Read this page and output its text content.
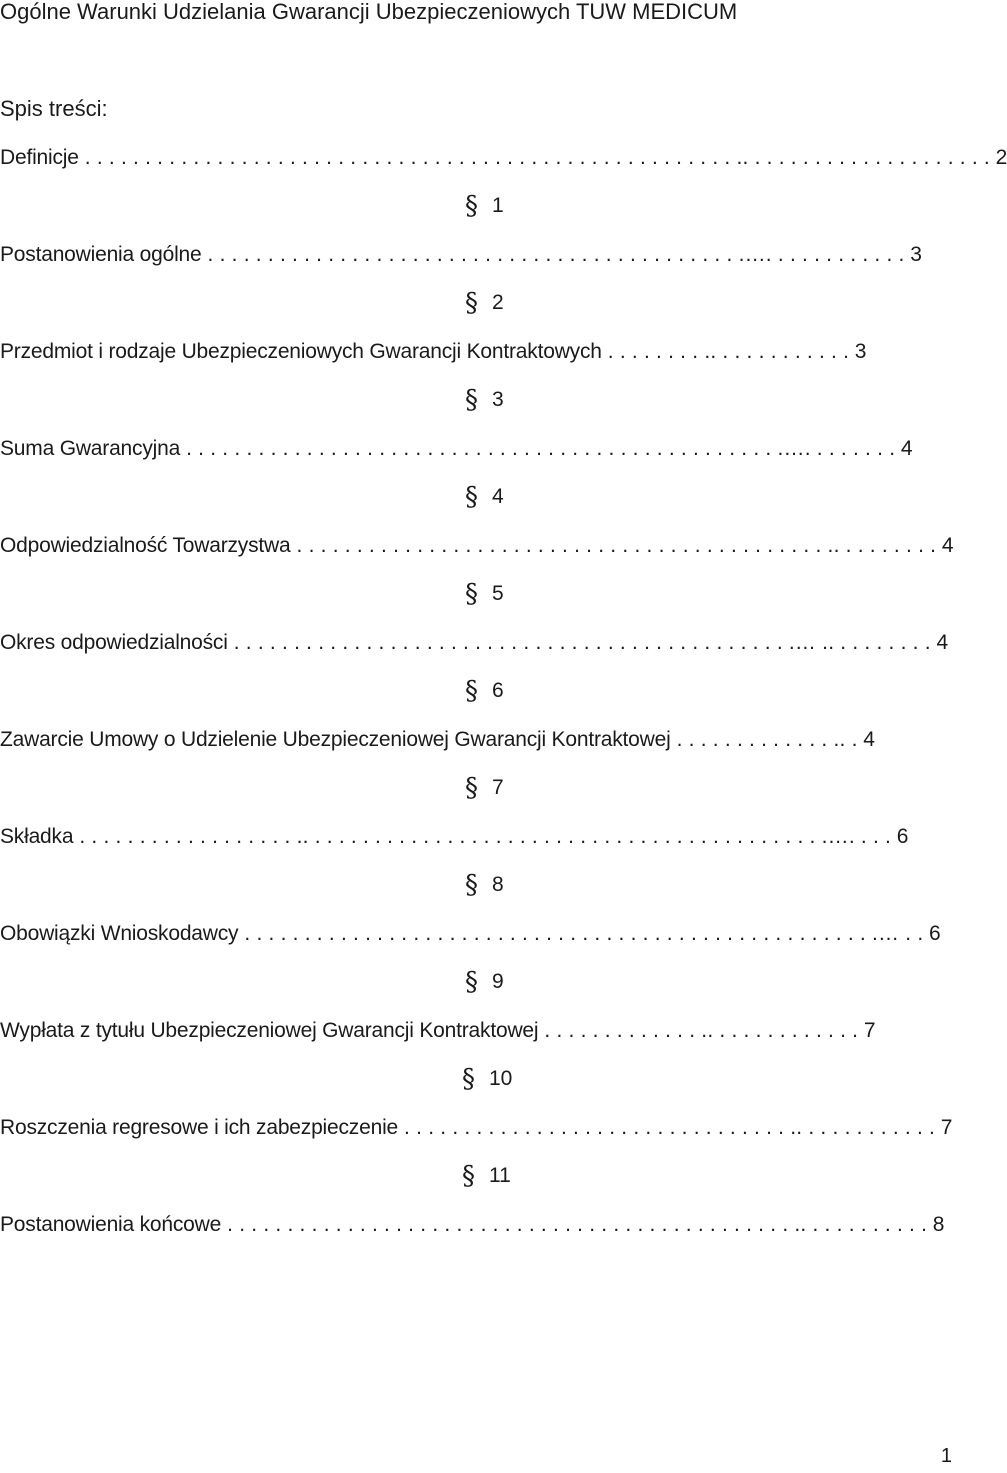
Ogólne Warunki Udzielania Gwarancji Ubezpieczeniowych TUW MEDICUM
Spis treści:
Definicje . . . . . . . . . . . . . . . . . . . . . . . . . . . . . . . . . . . . . . . . . . . . . . . . . . . . . . .. . . . . . . . . . . . . . . . . . . . . 2
§ 1
Postanowienia ogólne . . . . . . . . . . . . . . . . . . . . . . . . . . . . . . . . . . . . . . . . . . . . .…. . . . . . . . . . . . 3
§ 2
Przedmiot i rodzaje Ubezpieczeniowych Gwarancji Kontraktowych . . . . . . . . .. . . . . . . . . . . . 3
§ 3
Suma Gwarancyjna . . . . . . . . . . . . . . . . . . . . . . . . . . . . . . . . . . . . . . . . . . . . . . . . . .…. . . . . . . . 4
§ 4
Odpowiedzialność Towarzystwa . . . . . . . . . . . . . . . . . . . . . . . . . . . . . . . . . . . . . . . . . . . . .. . . . . . . . . 4
§ 5
Okres odpowiedzialności . . . . . . . . . . . . . . . . . . . . . . . . . . . . . . . . . . . . . . . . . . . . . . .… .. . . . . . . . . 4
§ 6
Zawarcie Umowy o Udzielenie Ubezpieczeniowej Gwarancji Kontraktowej . . . . . . . . . . . . . .. . 4
§ 7
Składka . . . . . . . . . . . . . . . . . . .. . . . . . . . . . . . . . . . . . . . . . . . . . . . . . . . . . . . . . . . . . . .…. . . . 6
§ 8
Obowiązki Wnioskodawcy . . . . . . . . . . . . . . . . . . . . . . . . . . . . . . . . . . . . . . . . . . . . . . . . . . . . .… . . 6
§ 9
Wypłata z tytułu Ubezpieczeniowej Gwarancji Kontraktowej . . . . . . . . . . . . . .. . . . . . . . . . . . . 7
§ 10
Roszczenia regresowe i ich zabezpieczenie . . . . . . . . . . . . . . . . . . . . . . . . . . . . . . . . .. . . . . . . . . . . . 7
§ 11
Postanowienia końcowe . . . . . . . . . . . . . . . . . . . . . . . . . . . . . . . . . . . . . . . . . . . . . . . .. . . . . . . . . . . 8
1
